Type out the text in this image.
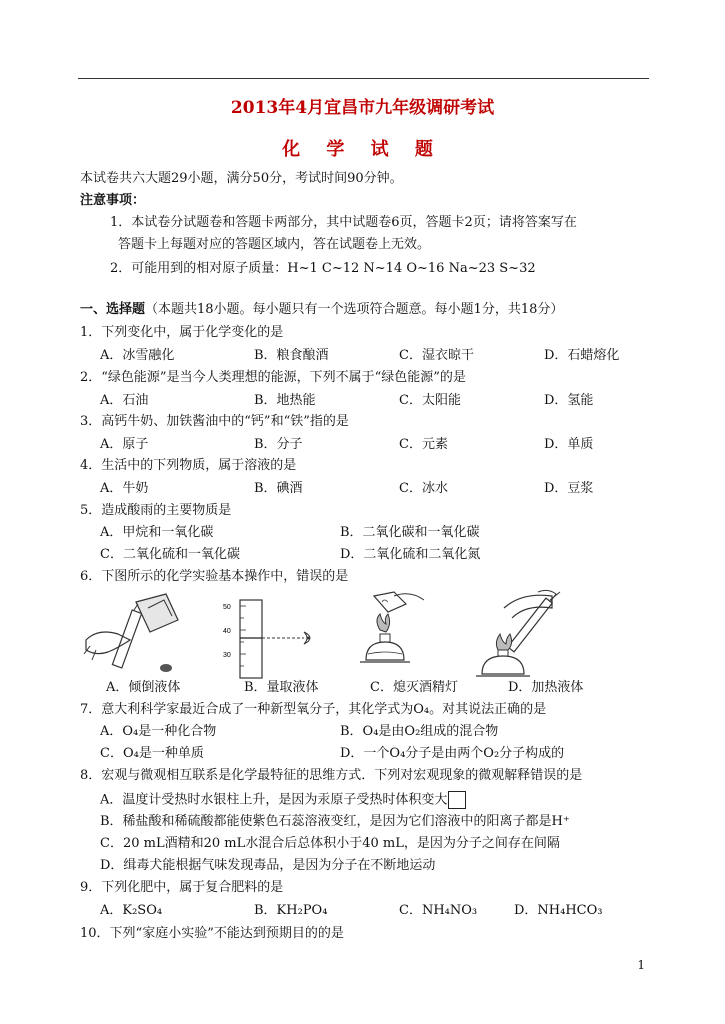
2013年4月宜昌市九年级调研考试
化 学 试 题
本试卷共六大题29小题，满分50分，考试时间90分钟。
注意事项：
1．本试卷分试题卷和答题卡两部分，其中试题卷6页，答题卡2页；请将答案写在
答题卡上每题对应的答题区域内，答在试题卷上无效。
2．可能用到的相对原子质量：H~1 C~12 N~14 O~16 Na~23 S~32
一、选择题（本题共18小题。每小题只有一个选项符合题意。每小题1分，共18分）
1．下列变化中，属于化学变化的是
A．冰雪融化	B．粮食酿酒	C．湿衣晾干	D．石蜡熔化
2．“绿色能源”是当今人类理想的能源，下列不属于“绿色能源”的是
A．石油	B．地热能	C．太阳能	D．氢能
3．高钙牛奶、加铁酱油中的“钙”和“铁”指的是
A．原子	B．分子	C．元素	D．单质
4．生活中的下列物质，属于溶液的是
A．牛奶	B．碘酒	C．冰水	D．豆浆
5．造成酸雨的主要物质是
A．甲烷和一氧化碳	B．二氧化碳和一氧化碳
C．二氧化硫和一氧化碳	D．二氧化硫和二氧化氮
6．下图所示的化学实验基本操作中，错误的是
A．倾倒液体
50
40
30
B．量取液体	C．熄灭酒精灯	D．加热液体
7．意大利科学家最近合成了一种新型氧分子，其化学式为O₄。对其说法正确的是
A．O₄是一种化合物	B．O₄是由O₂组成的混合物
C．O₄是一种单质	D．一个O₄分子是由两个O₂分子构成的
8．宏观与微观相互联系是化学最特征的思维方式．下列对宏观现象的微观解释错误的是
A．温度计受热时水银柱上升，是因为汞原子受热时体积变大
B．稀盐酸和稀硫酸都能使紫色石蕊溶液变红，是因为它们溶液中的阳离子都是H⁺
C．20 mL酒精和20 mL水混合后总体积小于40 mL，是因为分子之间存在间隔
D．缉毒犬能根据气味发现毒品，是因为分子在不断地运动
9．下列化肥中，属于复合肥料的是
A．K₂SO₄	B．KH₂PO₄	C．NH₄NO₃	D．NH₄HCO₃
10．下列“家庭小实验”不能达到预期目的的是
1
